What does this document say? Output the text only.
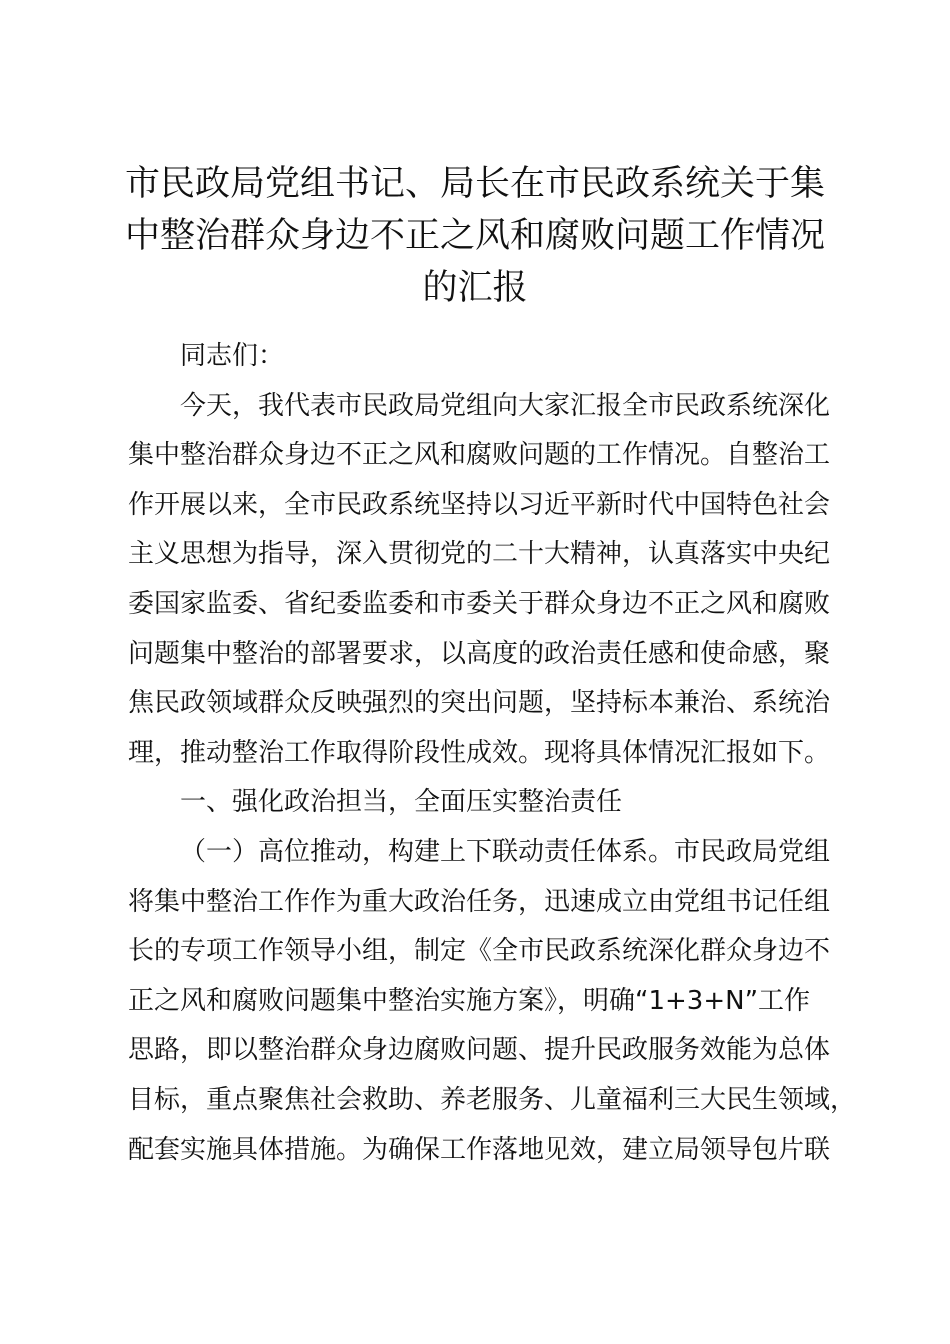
市民政局党组书记、局长在市民政系统关于集
中整治群众身边不正之风和腐败问题工作情况
的汇报
同志们：
今天，我代表市民政局党组向大家汇报全市民政系统深化
集中整治群众身边不正之风和腐败问题的工作情况。自整治工
作开展以来，全市民政系统坚持以习近平新时代中国特色社会
主义思想为指导，深入贯彻党的二十大精神，认真落实中央纪
委国家监委、省纪委监委和市委关于群众身边不正之风和腐败
问题集中整治的部署要求，以高度的政治责任感和使命感，聚
焦民政领域群众反映强烈的突出问题，坚持标本兼治、系统治
理，推动整治工作取得阶段性成效。现将具体情况汇报如下。
一、强化政治担当，全面压实整治责任
（一）高位推动，构建上下联动责任体系。市民政局党组
将集中整治工作作为重大政治任务，迅速成立由党组书记任组
长的专项工作领导小组，制定《全市民政系统深化群众身边不
正之风和腐败问题集中整治实施方案》，明确“1+3+N”工作
思路，即以整治群众身边腐败问题、提升民政服务效能为总体
目标，重点聚焦社会救助、养老服务、儿童福利三大民生领域，
配套实施具体措施。为确保工作落地见效，建立局领导包片联
